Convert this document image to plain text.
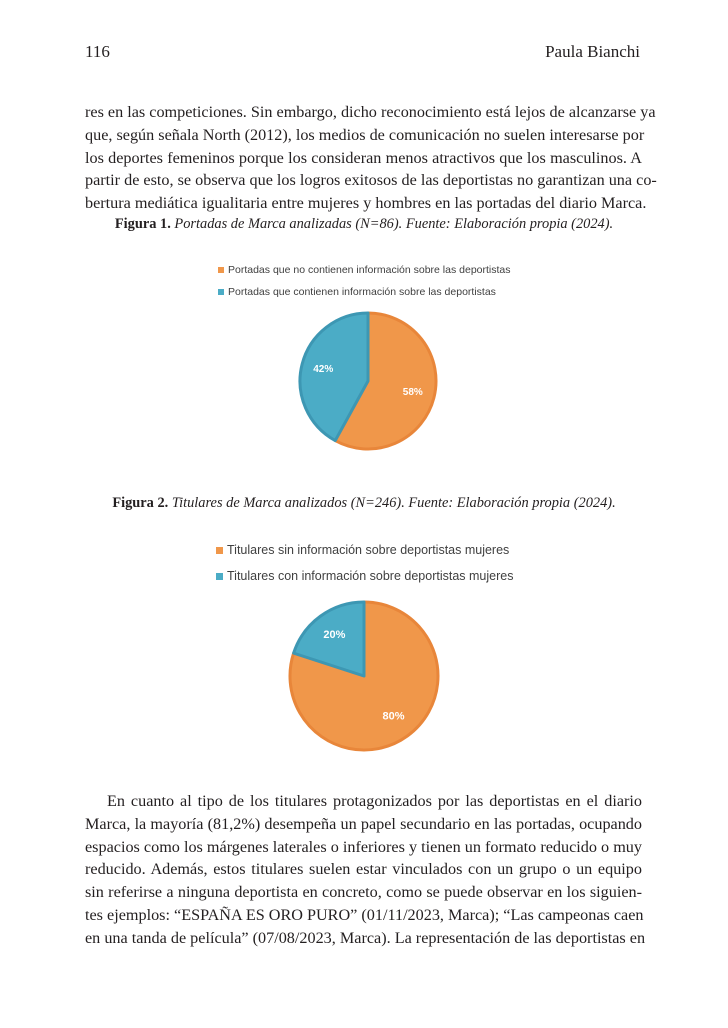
116	Paula Bianchi
res en las competiciones. Sin embargo, dicho reconocimiento está lejos de alcanzarse ya
que, según señala North (2012), los medios de comunicación no suelen interesarse por
los deportes femeninos porque los consideran menos atractivos que los masculinos. A
partir de esto, se observa que los logros exitosos de las deportistas no garantizan una co-
bertura mediática igualitaria entre mujeres y hombres en las portadas del diario Marca.
Figura 1. Portadas de Marca analizadas (N=86). Fuente: Elaboración propia (2024).
Portadas que no contienen información sobre las deportistas
Portadas que contienen información sobre las deportistas
58%
42%
Figura 2. Titulares de Marca analizados (N=246). Fuente: Elaboración propia (2024).
Titulares sin información sobre deportistas mujeres
Titulares con información sobre deportistas mujeres
80%
20%
En cuanto al tipo de los titulares protagonizados por las deportistas en el diario
Marca, la mayoría (81,2%) desempeña un papel secundario en las portadas, ocupando
espacios como los márgenes laterales o inferiores y tienen un formato reducido o muy
reducido. Además, estos titulares suelen estar vinculados con un grupo o un equipo
sin referirse a ninguna deportista en concreto, como se puede observar en los siguien-
tes ejemplos: “ESPAÑA ES ORO PURO” (01/11/2023, Marca); “Las campeonas caen
en una tanda de película” (07/08/2023, Marca). La representación de las deportistas en
